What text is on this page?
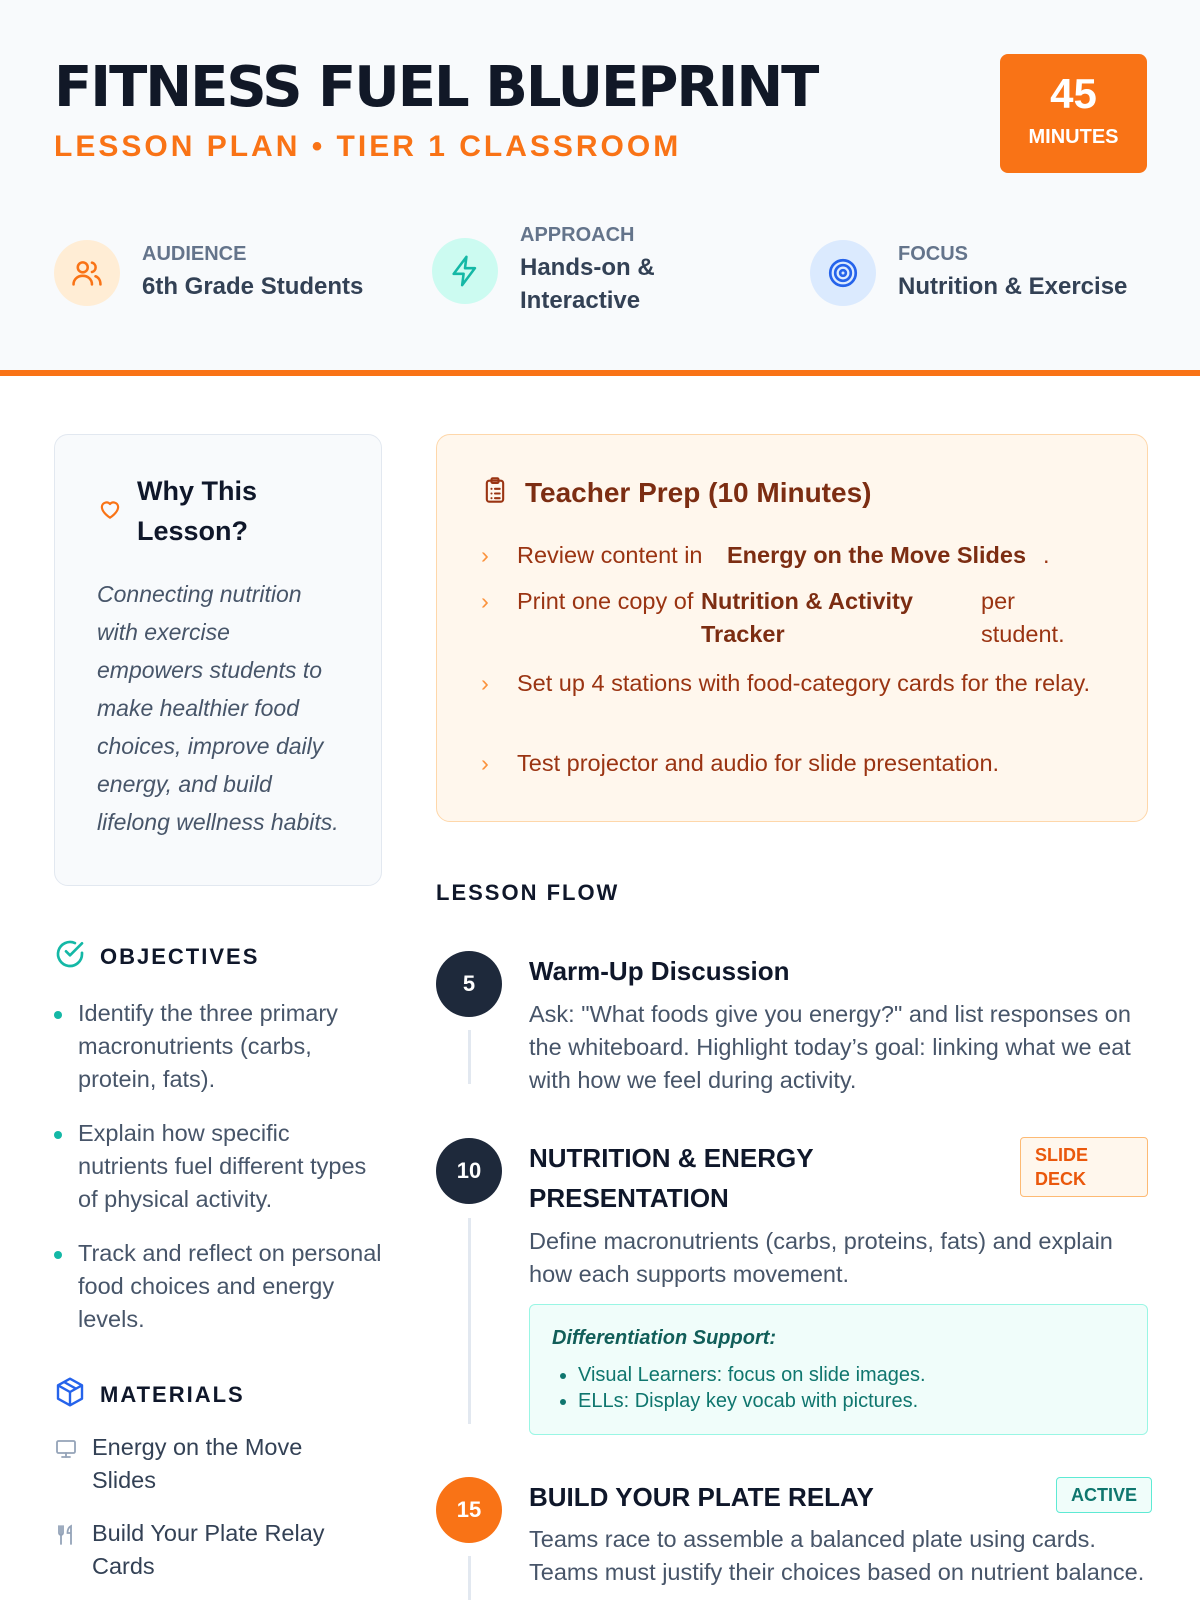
FITNESS FUEL BLUEPRINT
LESSON PLAN • TIER 1 CLASSROOM
45
MINUTES
AUDIENCE
6th Grade Students
APPROACH
Hands-on & Interactive
FOCUS
Nutrition & Exercise
Why This Lesson?
Connecting nutrition with exercise empowers students to make healthier food choices, improve daily energy, and build lifelong wellness habits.
OBJECTIVES
Identify the three primary macronutrients (carbs, protein, fats).
Explain how specific nutrients fuel different types of physical activity.
Track and reflect on personal food choices and energy levels.
MATERIALS
Energy on the Move Slides
Build Your Plate Relay Cards
Teacher Prep (10 Minutes)
›	Review content in	Energy on the Move Slides .
›	Print one copy of Nutrition & Activity Tracker
per student.
›	Set up 4 stations with food-category cards for the relay.
›	Test projector and audio for slide presentation.
LESSON FLOW
5	Warm-Up Discussion
Ask: "What foods give you energy?" and list responses on the whiteboard. Highlight today’s goal: linking what we eat with how we feel during activity.
10	NUTRITION & ENERGY PRESENTATION
SLIDE DECK
Define macronutrients (carbs, proteins, fats) and explain how each supports movement.
Differentiation Support:
• Visual Learners: focus on slide images.
• ELLs: Display key vocab with pictures.
15	BUILD YOUR PLATE RELAY	ACTIVE
Teams race to assemble a balanced plate using cards. Teams must justify their choices based on nutrient balance.
